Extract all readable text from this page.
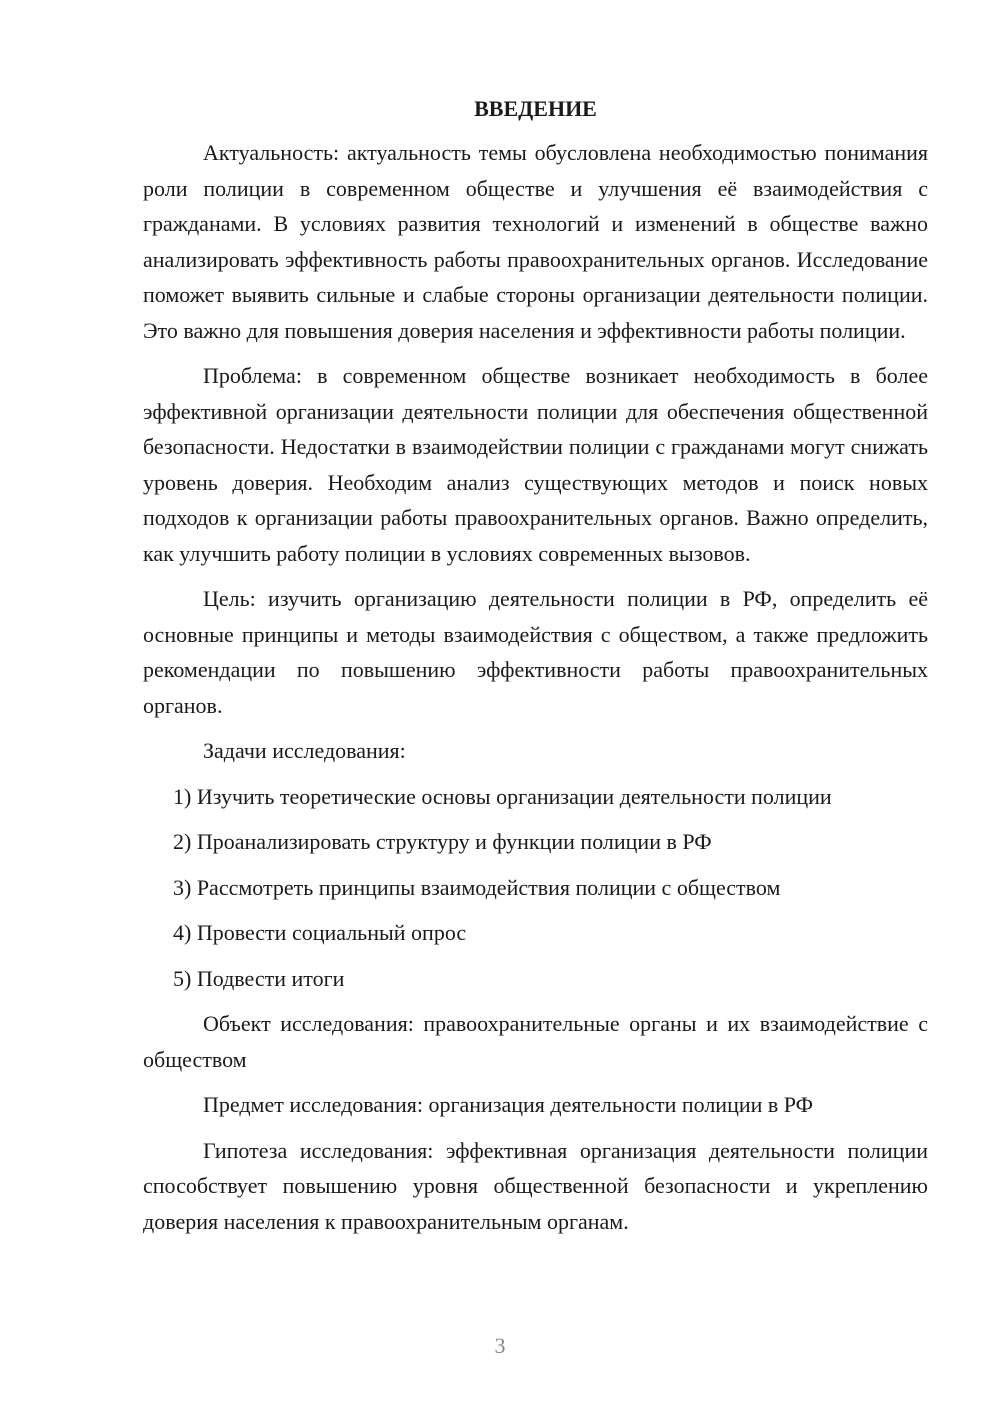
ВВЕДЕНИЕ

Актуальность: актуальность темы обусловлена необходимостью понимания роли полиции в современном обществе и улучшения её взаимодействия с гражданами. В условиях развития технологий и изменений в обществе важно анализировать эффективность работы правоохранительных органов. Исследование поможет выявить сильные и слабые стороны организации деятельности полиции. Это важно для повышения доверия населения и эффективности работы полиции.

Проблема: в современном обществе возникает необходимость в более эффективной организации деятельности полиции для обеспечения общественной безопасности. Недостатки в взаимодействии полиции с гражданами могут снижать уровень доверия. Необходим анализ существующих методов и поиск новых подходов к организации работы правоохранительных органов. Важно определить, как улучшить работу полиции в условиях современных вызовов.

Цель: изучить организацию деятельности полиции в РФ, определить её основные принципы и методы взаимодействия с обществом, а также предложить рекомендации по повышению эффективности работы правоохранительных органов.

Задачи исследования:

1) Изучить теоретические основы организации деятельности полиции
2) Проанализировать структуру и функции полиции в РФ
3) Рассмотреть принципы взаимодействия полиции с обществом
4) Провести социальный опрос
5) Подвести итоги

Объект исследования: правоохранительные органы и их взаимодействие с обществом

Предмет исследования: организация деятельности полиции в РФ

Гипотеза исследования: эффективная организация деятельности полиции способствует повышению уровня общественной безопасности и укреплению доверия населения к правоохранительным органам.

3
